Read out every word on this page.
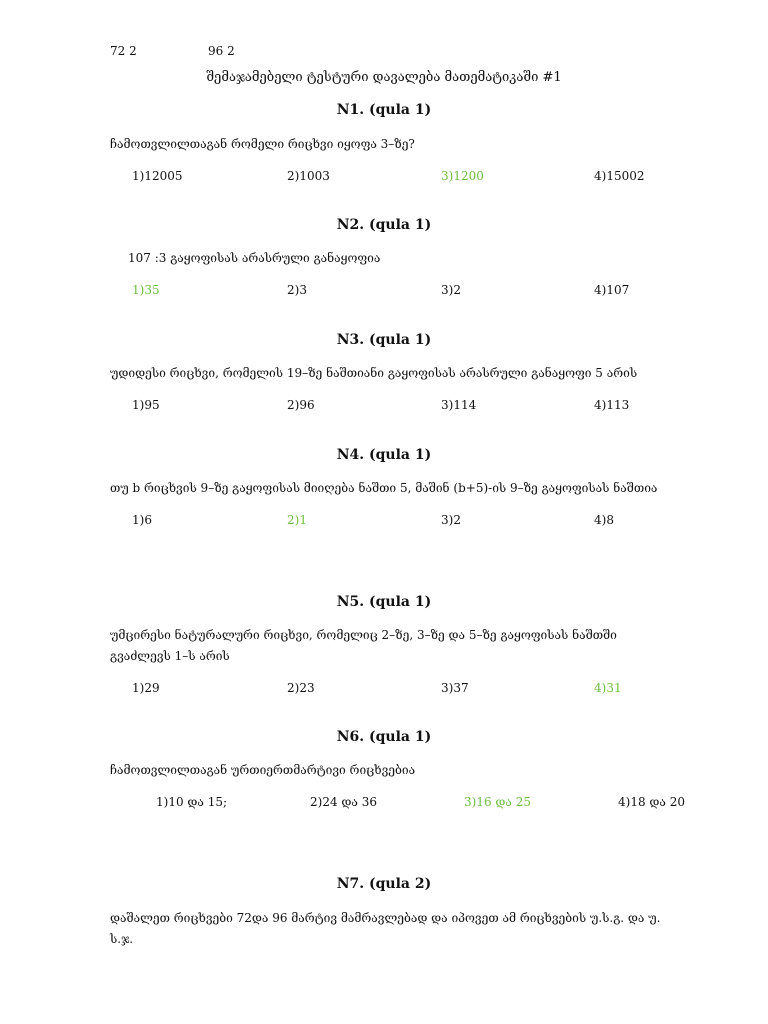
72 2	96 2
შემაჯამებელი ტესტური დავალება მათემატიკაში #1
N1. (qula 1)
ჩამოთვლილთაგან რომელი რიცხვი იყოფა 3–ზე?
1)12005	2)1003	3)1200	4)15002
N2. (qula 1)
107 :3 გაყოფისას არასრული განაყოფია
1)35	2)3	3)2	4)107
N3. (qula 1)
უდიდესი რიცხვი, რომელის 19–ზე ნაშთიანი გაყოფისას არასრული განაყოფი 5 არის
1)95	2)96	3)114	4)113
N4. (qula 1)
თუ b რიცხვის 9–ზე გაყოფისას მიიღება ნაშთი 5, მაშინ (b+5)-ის 9–ზე გაყოფისას ნაშთია
1)6	2)1	3)2	4)8
N5. (qula 1)
უმცირესი ნატურალური რიცხვი, რომელიც 2–ზე, 3–ზე და 5–ზე გაყოფისას ნაშთში
გვაძლევს 1–ს არის
1)29	2)23	3)37	4)31
N6. (qula 1)
ჩამოთვლილთაგან ურთიერთმარტივი რიცხვებია
1)10 და 15;	2)24 და 36	3)16 და 25	4)18 და 20
N7. (qula 2)
დაშალეთ რიცხვები 72და 96 მარტივ მამრავლებად და იპოვეთ ამ რიცხვების უ.ს.გ. და უ.
ს.ჯ.
